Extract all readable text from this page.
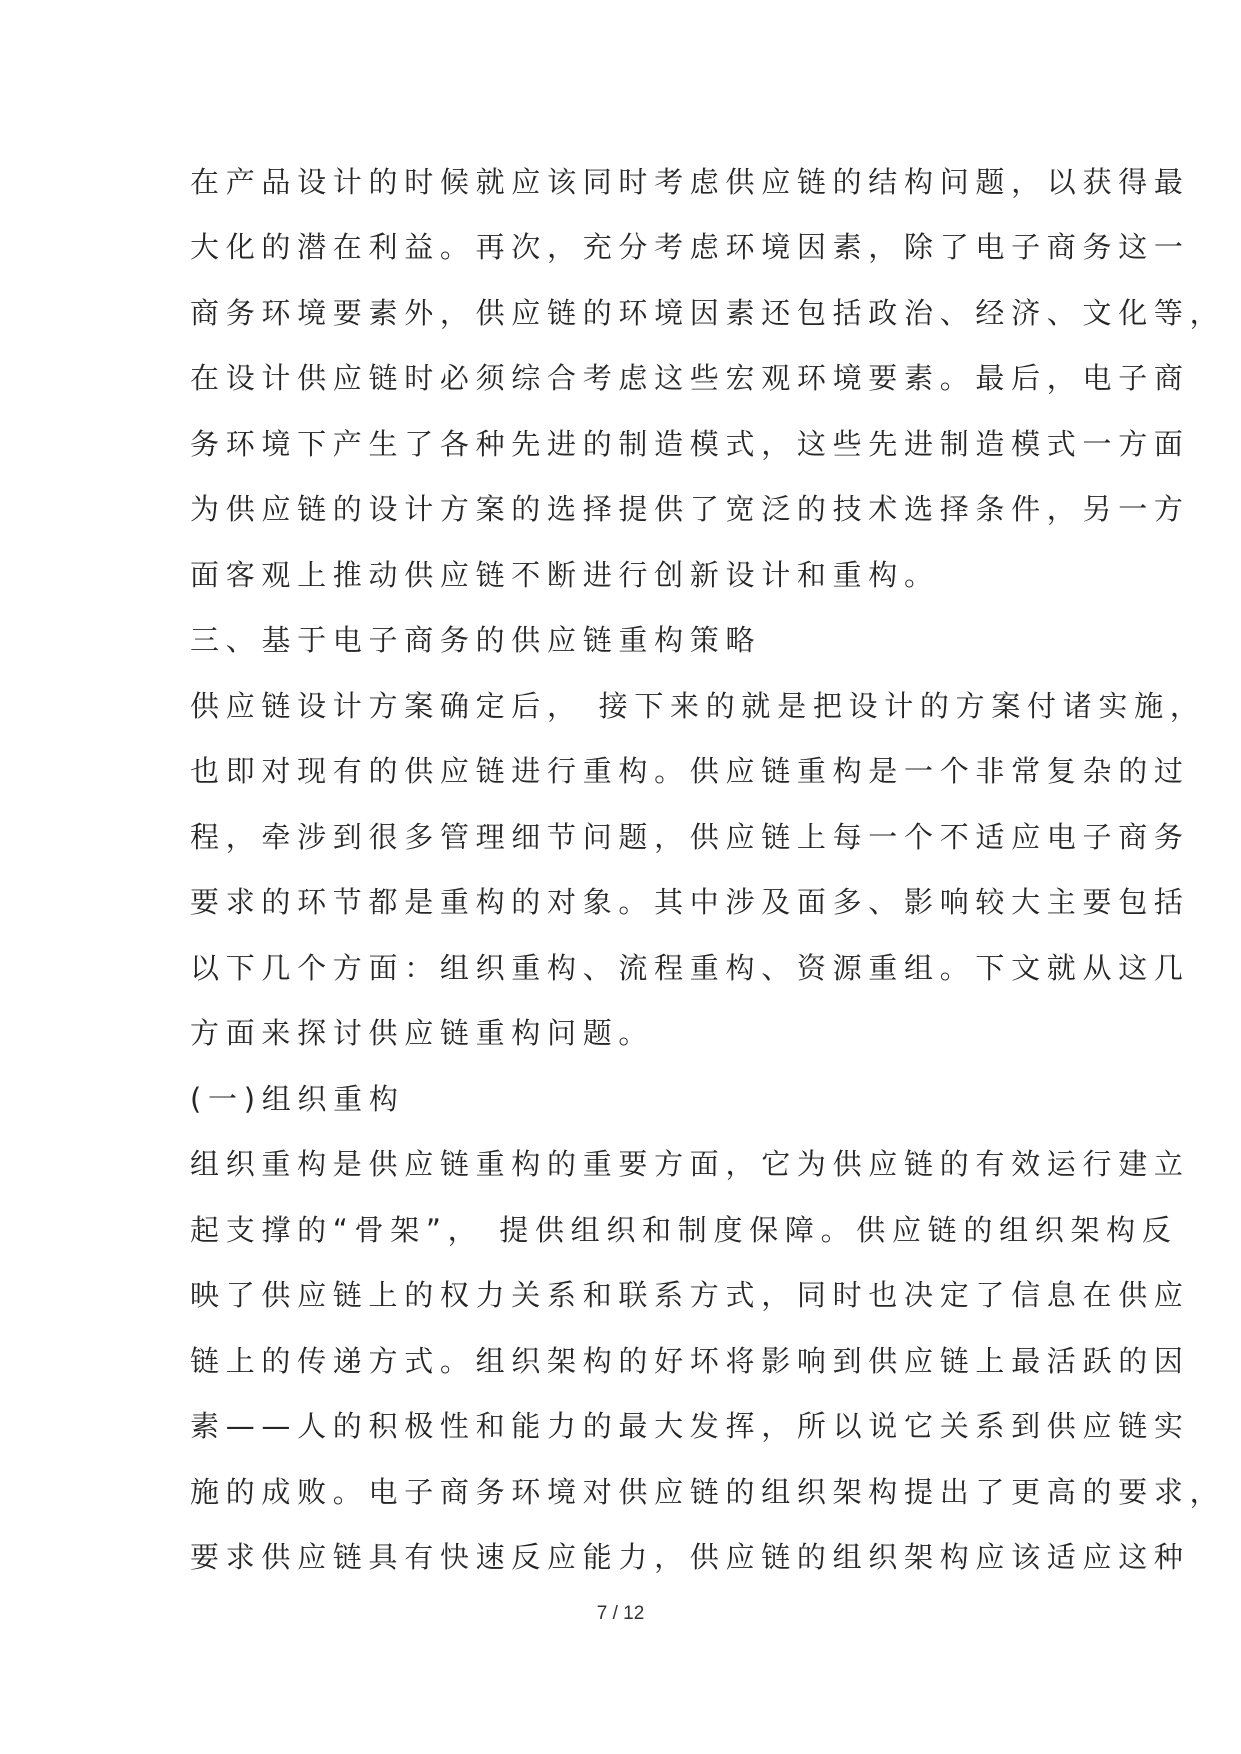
在产品设计的时候就应该同时考虑供应链的结构问题，以获得最
大化的潜在利益。再次，充分考虑环境因素，除了电子商务这一
商务环境要素外，供应链的环境因素还包括政治、经济、文化等，
在设计供应链时必须综合考虑这些宏观环境要素。最后，电子商
务环境下产生了各种先进的制造模式，这些先进制造模式一方面
为供应链的设计方案的选择提供了宽泛的技术选择条件，另一方
面客观上推动供应链不断进行创新设计和重构。
三、基于电子商务的供应链重构策略
供应链设计方案确定后， 接下来的就是把设计的方案付诸实施，
也即对现有的供应链进行重构。供应链重构是一个非常复杂的过
程，牵涉到很多管理细节问题，供应链上每一个不适应电子商务
要求的环节都是重构的对象。其中涉及面多、影响较大主要包括
以下几个方面：组织重构、流程重构、资源重组。下文就从这几
方面来探讨供应链重构问题。
(一)组织重构
组织重构是供应链重构的重要方面，它为供应链的有效运行建立
起支撑的“骨架”， 提供组织和制度保障。供应链的组织架构反
映了供应链上的权力关系和联系方式，同时也决定了信息在供应
链上的传递方式。组织架构的好坏将影响到供应链上最活跃的因
素——人的积极性和能力的最大发挥，所以说它关系到供应链实
施的成败。电子商务环境对供应链的组织架构提出了更高的要求，
要求供应链具有快速反应能力，供应链的组织架构应该适应这种
7 / 12
